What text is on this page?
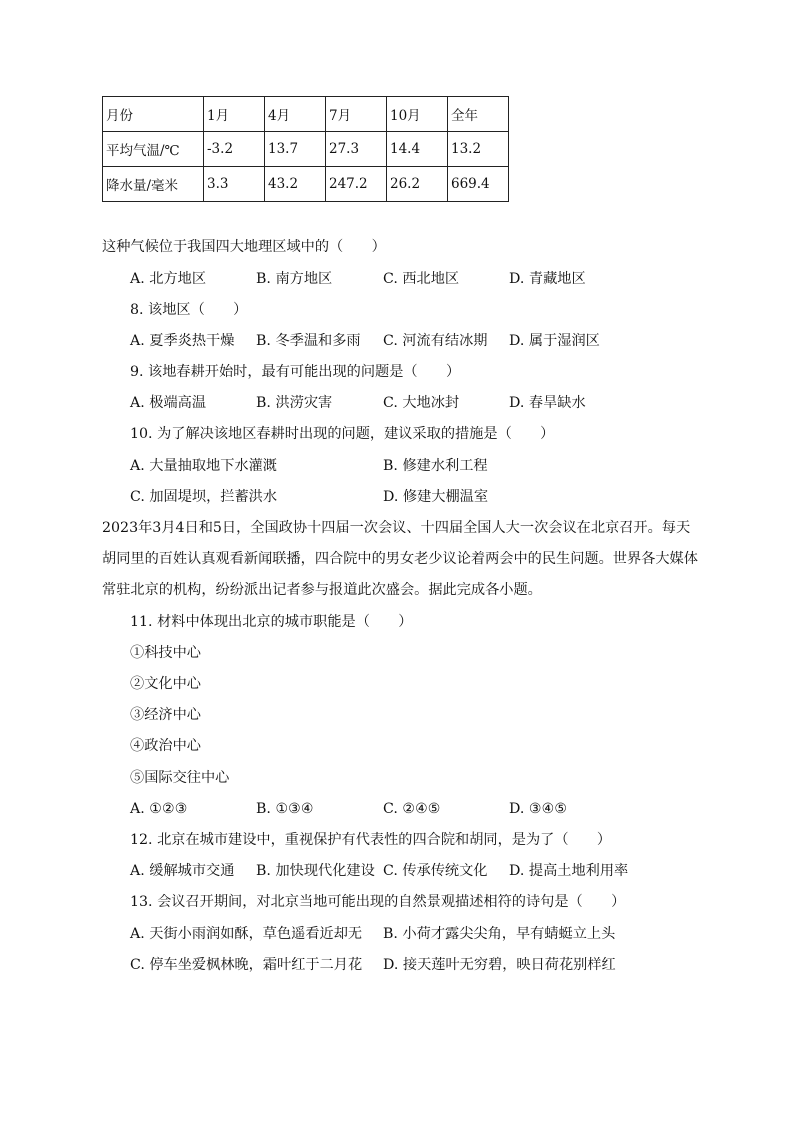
月份	1月	4月	7月	10月	全年
平均气温/℃	-3.2	13.7	27.3	14.4	13.2
降水量/毫米	3.3	43.2	247.2	26.2	669.4
这种气候位于我国四大地理区域中的（　　）
A. 北方地区	B. 南方地区	C. 西北地区	D. 青藏地区
8. 该地区（　　）
A. 夏季炎热干燥 B. 冬季温和多雨 C. 河流有结冰期 D. 属于湿润区
9. 该地春耕开始时，最有可能出现的问题是（　　）
A. 极端高温	B. 洪涝灾害	C. 大地冰封	D. 春旱缺水
10. 为了解决该地区春耕时出现的问题，建议采取的措施是（　　）
A. 大量抽取地下水灌溉	B. 修建水利工程
C. 加固堤坝，拦蓄洪水	D. 修建大棚温室
2023年3月4日和5日，全国政协十四届一次会议、十四届全国人大一次会议在北京召开。每天
胡同里的百姓认真观看新闻联播，四合院中的男女老少议论着两会中的民生问题。世界各大媒体
常驻北京的机构，纷纷派出记者参与报道此次盛会。据此完成各小题。
11. 材料中体现出北京的城市职能是（　　）
①科技中心
②文化中心
③经济中心
④政治中心
⑤国际交往中心
A. ①②③	B. ①③④	C. ②④⑤	D. ③④⑤
12. 北京在城市建设中，重视保护有代表性的四合院和胡同，是为了（　　）
A. 缓解城市交通 B. 加快现代化建设 C. 传承传统文化 D. 提高土地利用率
13. 会议召开期间，对北京当地可能出现的自然景观描述相符的诗句是（　　）
A. 天街小雨润如酥，草色遥看近却无 B. 小荷才露尖尖角，早有蜻蜓立上头
C. 停车坐爱枫林晚，霜叶红于二月花 D. 接天莲叶无穷碧，映日荷花别样红
